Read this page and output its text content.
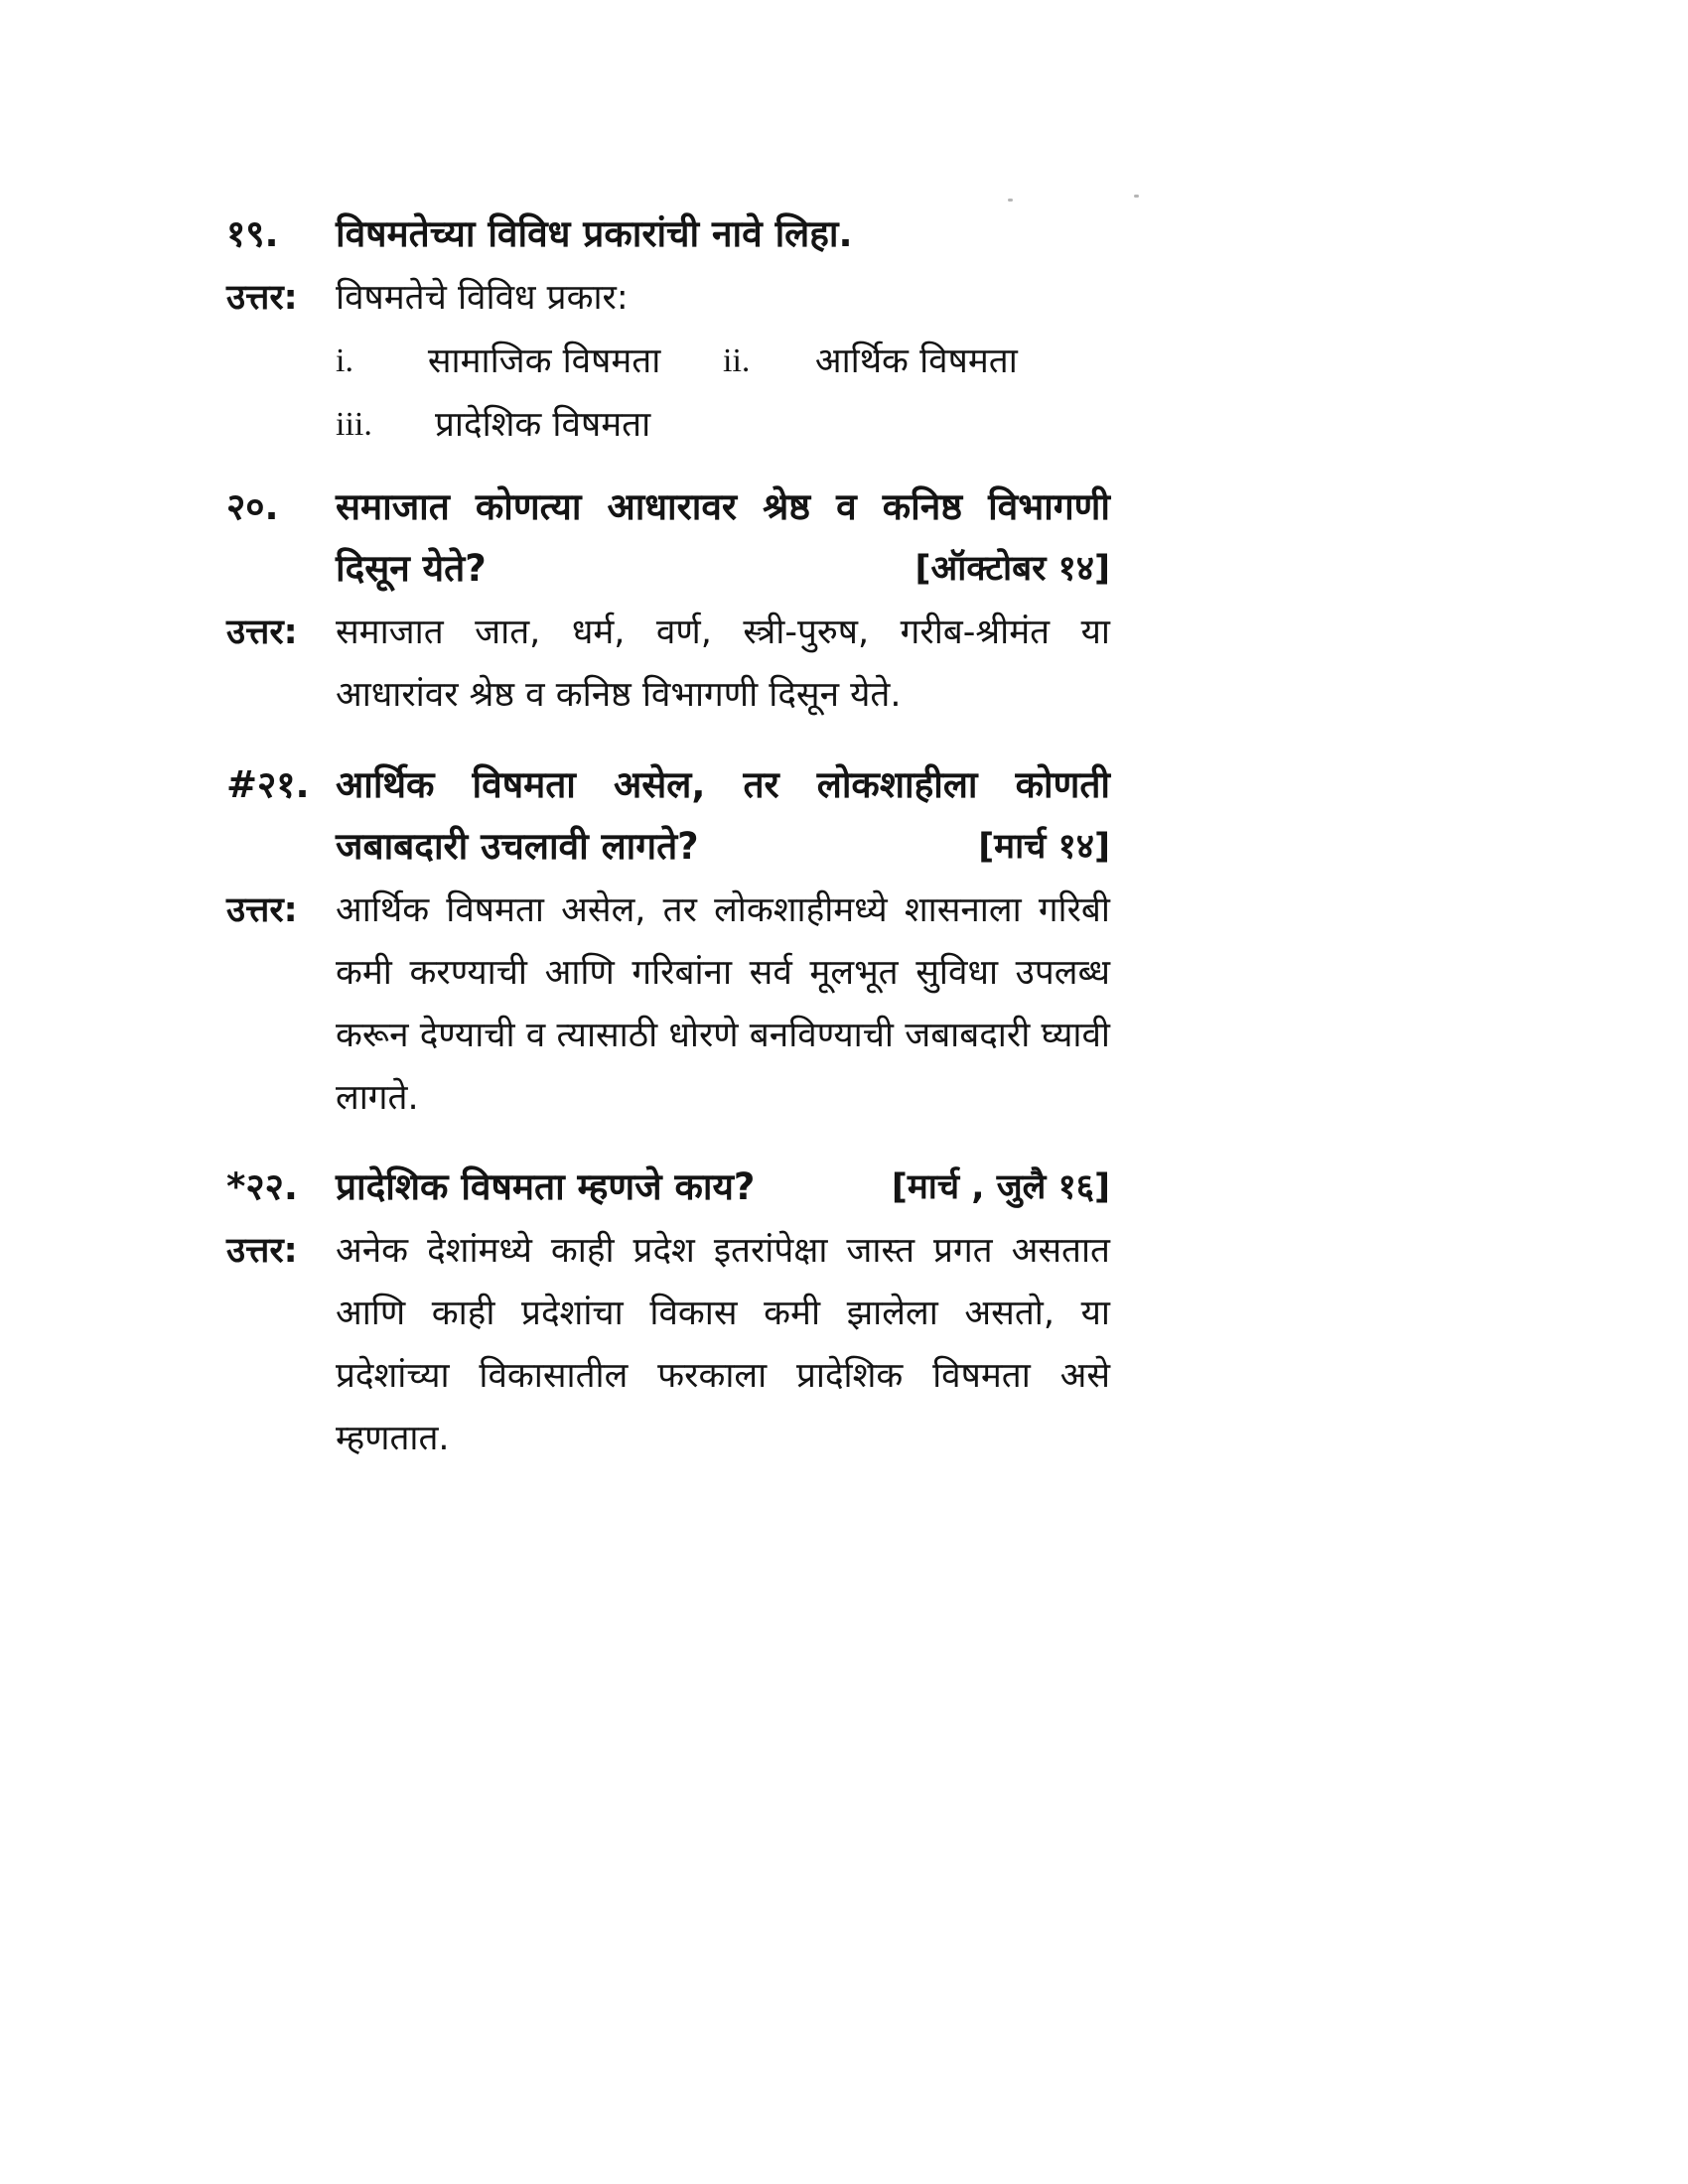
१९. विषमतेच्या विविध प्रकारांची नावे लिहा.
उत्तर: विषमतेचे विविध प्रकार:
i.	सामाजिक विषमता	ii.	आर्थिक विषमता
iii.	प्रादेशिक विषमता
२०. समाजात कोणत्या आधारावर श्रेष्ठ व कनिष्ठ विभागणी दिसून येते?	[ऑक्टोबर १४]
उत्तर: समाजात जात, धर्म, वर्ण, स्त्री-पुरुष, गरीब-श्रीमंत या आधारांवर श्रेष्ठ व कनिष्ठ विभागणी दिसून येते.
#२१. आर्थिक विषमता असेल, तर लोकशाहीला कोणती जबाबदारी उचलावी लागते?	[मार्च १४]
उत्तर: आर्थिक विषमता असेल, तर लोकशाहीमध्ये शासनाला गरिबी कमी करण्याची आणि गरिबांना सर्व मूलभूत सुविधा उपलब्ध करून देण्याची व त्यासाठी धोरणे बनविण्याची जबाबदारी घ्यावी लागते.
*२२. प्रादेशिक विषमता म्हणजे काय?	[मार्च , जुलै १६]
उत्तर: अनेक देशांमध्ये काही प्रदेश इतरांपेक्षा जास्त प्रगत असतात आणि काही प्रदेशांचा विकास कमी झालेला असतो, या प्रदेशांच्या विकासातील फरकाला प्रादेशिक विषमता असे म्हणतात.
